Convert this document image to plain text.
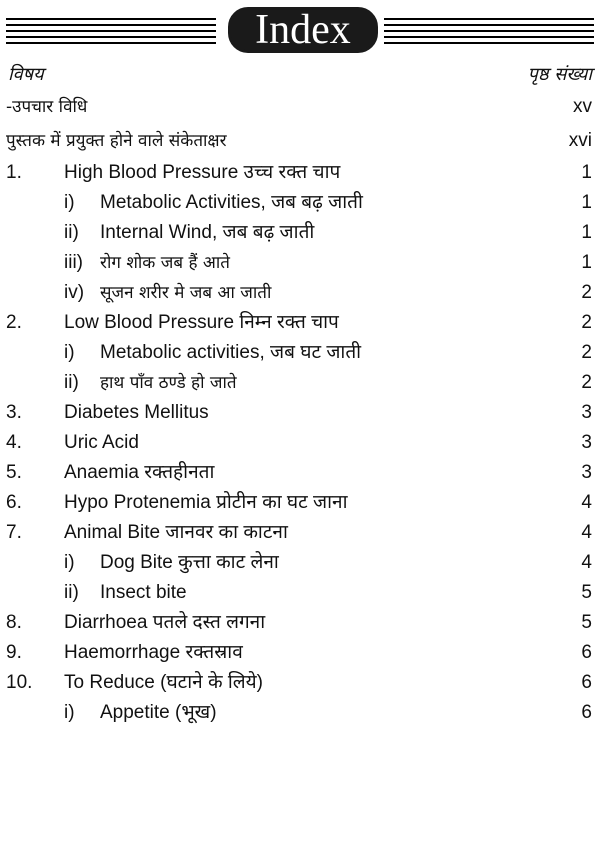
Index
विषय	पृष्ठ संख्या
-उपचार विधि	xv
पुस्तक में प्रयुक्त होने वाले संकेताक्षर	xvi
1. High Blood Pressure उच्च रक्त चाप	1
i) Metabolic Activities, जब बढ़ जाती	1
ii) Internal Wind, जब बढ़ जाती	1
iii) रोग शोक जब हैं आते	1
iv) सूजन शरीर मे जब आ जाती	2
2. Low Blood Pressure निम्न रक्त चाप	2
i) Metabolic activities, जब घट जाती	2
ii) हाथ पाँव ठण्डे हो जाते	2
3. Diabetes Mellitus	3
4. Uric Acid	3
5. Anaemia रक्तहीनता	3
6. Hypo Protenemia प्रोटीन का घट जाना	4
7. Animal Bite जानवर का काटना	4
i) Dog Bite कुत्ता काट लेना	4
ii) Insect bite	5
8. Diarrhoea पतले दस्त लगना	5
9. Haemorrhage रक्तस्राव	6
10. To Reduce (घटाने के लिये)	6
i) Appetite (भूख)	6
